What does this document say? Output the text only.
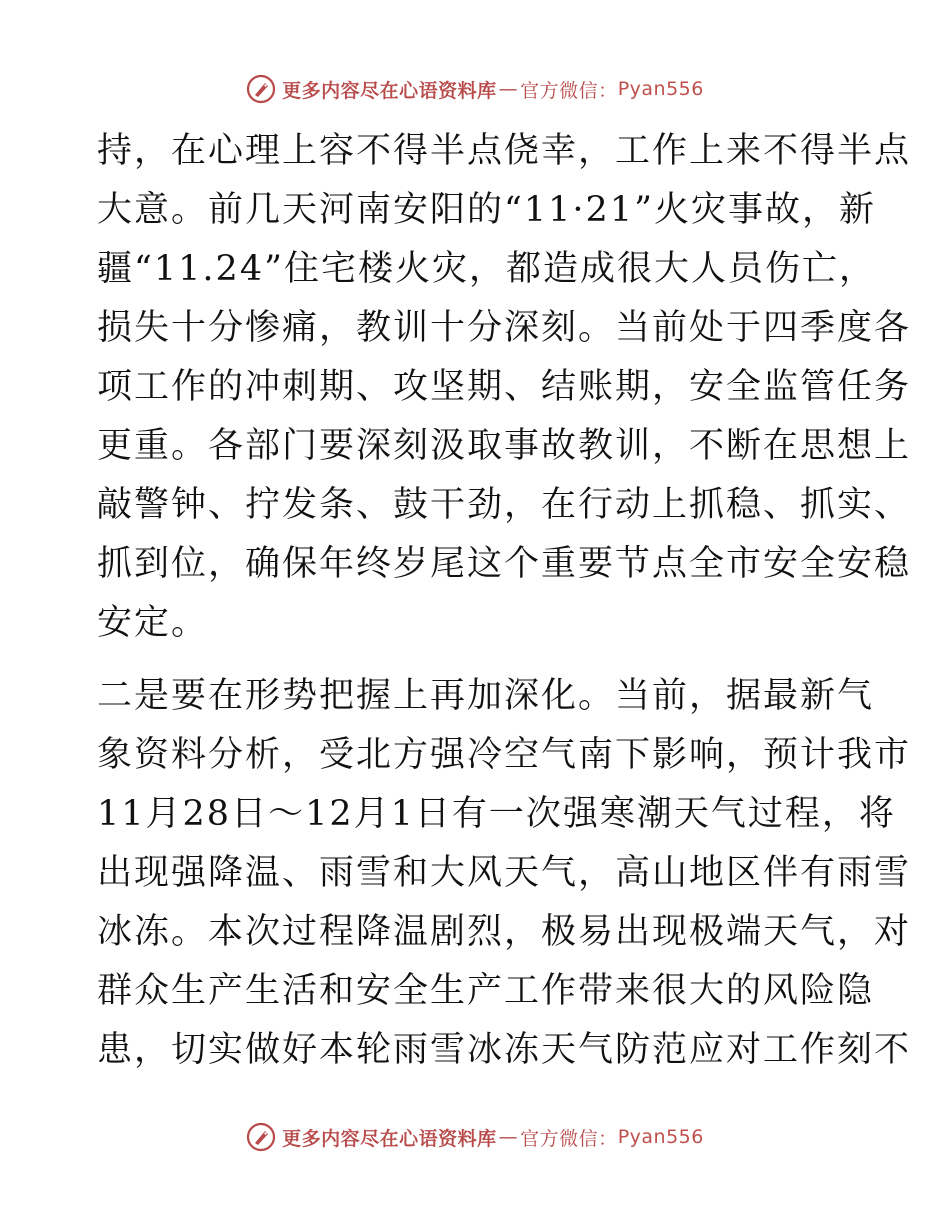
更多内容尽在心语资料库 — 官方微信： Pyan556

持，在心理上容不得半点侥幸，工作上来不得半点
大意。前几天河南安阳的“11·21”火灾事故，新
疆“11.24”住宅楼火灾，都造成很大人员伤亡，
损失十分惨痛，教训十分深刻。当前处于四季度各
项工作的冲刺期、攻坚期、结账期，安全监管任务
更重。各部门要深刻汲取事故教训，不断在思想上
敲警钟、拧发条、鼓干劲，在行动上抓稳、抓实、
抓到位，确保年终岁尾这个重要节点全市安全安稳
安定。

二是要在形势把握上再加深化。当前，据最新气
象资料分析，受北方强冷空气南下影响，预计我市
11月28日～12月1日有一次强寒潮天气过程，将
出现强降温、雨雪和大风天气，高山地区伴有雨雪
冰冻。本次过程降温剧烈，极易出现极端天气，对
群众生产生活和安全生产工作带来很大的风险隐
患，切实做好本轮雨雪冰冻天气防范应对工作刻不

更多内容尽在心语资料库 — 官方微信： Pyan556
